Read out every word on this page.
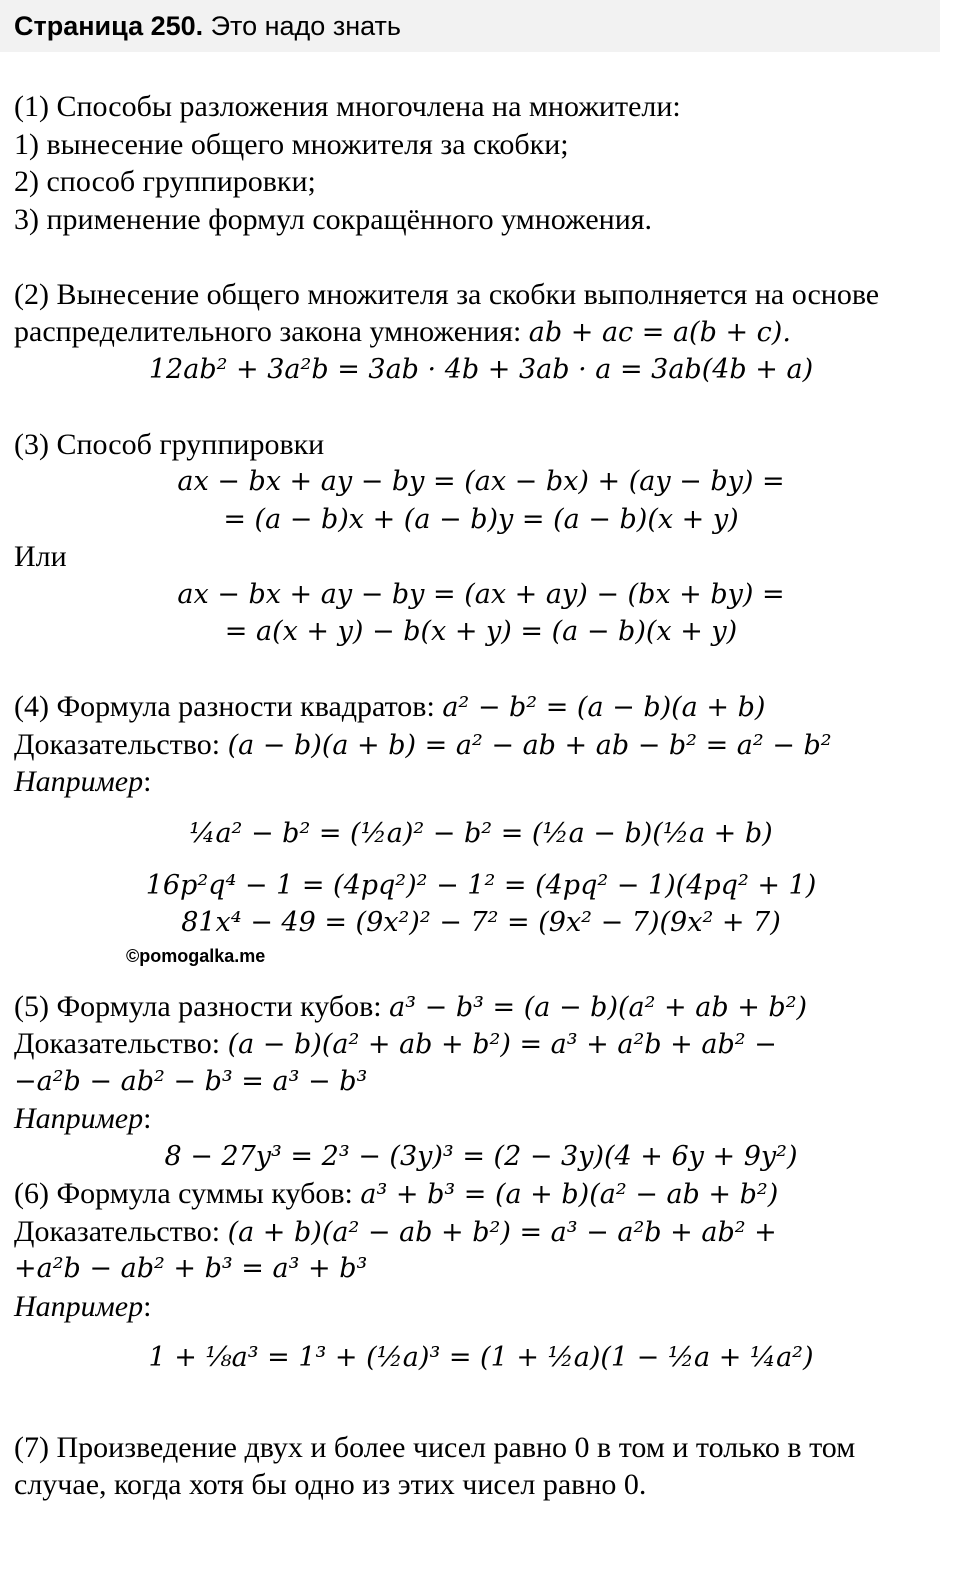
Страница 250. Это надо знать
(1) Способы разложения многочлена на множители:
1) вынесение общего множителя за скобки;
2) способ группировки;
3) применение формул сокращённого умножения.
(2) Вынесение общего множителя за скобки выполняется на основе
распределительного закона умножения: ab + ac = a(b + c).
12ab² + 3a²b = 3ab · 4b + 3ab · a = 3ab(4b + a)
(3) Способ группировки
ax − bx + ay − by = (ax − bx) + (ay − by) =
= (a − b)x + (a − b)y = (a − b)(x + y)
Или
ax − bx + ay − by = (ax + ay) − (bx + by) =
= a(x + y) − b(x + y) = (a − b)(x + y)
(4) Формула разности квадратов: a² − b² = (a − b)(a + b)
Доказательство: (a − b)(a + b) = a² − ab + ab − b² = a² − b²
Например:
¼a² − b² = (½a)² − b² = (½a − b)(½a + b)
16p²q⁴ − 1 = (4pq²)² − 1² = (4pq² − 1)(4pq² + 1)
81x⁴ − 49 = (9x²)² − 7² = (9x² − 7)(9x² + 7)
©pomogalka.me
(5) Формула разности кубов: a³ − b³ = (a − b)(a² + ab + b²)
Доказательство: (a − b)(a² + ab + b²) = a³ + a²b + ab² −
−a²b − ab² − b³ = a³ − b³
Например:
8 − 27y³ = 2³ − (3y)³ = (2 − 3y)(4 + 6y + 9y²)
(6) Формула суммы кубов: a³ + b³ = (a + b)(a² − ab + b²)
Доказательство: (a + b)(a² − ab + b²) = a³ − a²b + ab² +
+a²b − ab² + b³ = a³ + b³
Например:
1 + ⅛a³ = 1³ + (½a)³ = (1 + ½a)(1 − ½a + ¼a²)
(7) Произведение двух и более чисел равно 0 в том и только в том
случае, когда хотя бы одно из этих чисел равно 0.
